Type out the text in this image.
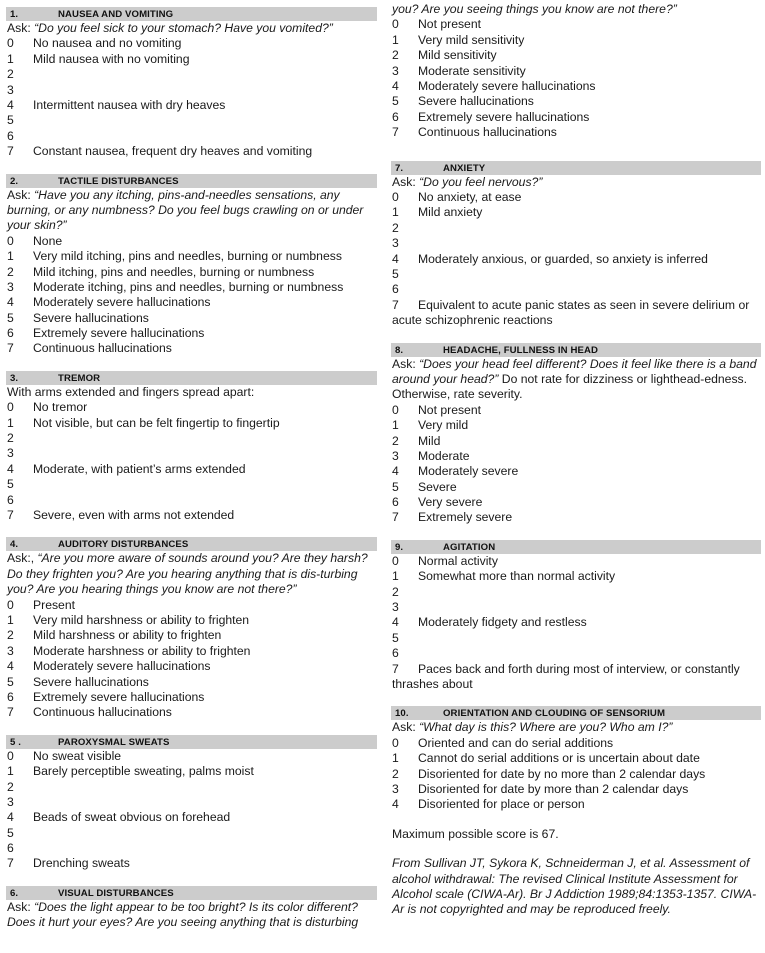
1.	NAUSEA AND VOMITING
Ask: “Do you feel sick to your stomach? Have you vomited?”
0	No nausea and no vomiting
1	Mild nausea with no vomiting
2
3
4	Intermittent nausea with dry heaves
5
6
7	Constant nausea, frequent dry heaves and vomiting
2.	TACTILE DISTURBANCES
Ask: “Have you any itching, pins-and-needles sensations, any burning, or any numbness? Do you feel bugs crawling on or under your skin?”
0	None
1	Very mild itching, pins and needles, burning or numbness
2	Mild itching, pins and needles, burning or numbness
3	Moderate itching, pins and needles, burning or numbness
4	Moderately severe hallucinations
5	Severe hallucinations
6	Extremely severe hallucinations
7	Continuous hallucinations
3.	TREMOR
With arms extended and fingers spread apart:
0	No tremor
1	Not visible, but can be felt fingertip to fingertip
2
3
4	Moderate, with patient’s arms extended
5
6
7	Severe, even with arms not extended
4.	AUDITORY DISTURBANCES
Ask:, “Are you more aware of sounds around you? Are they harsh? Do they frighten you? Are you hearing anything that is dis-turbing you? Are you hearing things you know are not there?”
0	Present
1	Very mild harshness or ability to frighten
2	Mild harshness or ability to frighten
3	Moderate harshness or ability to frighten
4	Moderately severe hallucinations
5	Severe hallucinations
6	Extremely severe hallucinations
7	Continuous hallucinations
5 .	PAROXYSMAL SWEATS
0	No sweat visible
1	Barely perceptible sweating, palms moist
2
3
4	Beads of sweat obvious on forehead
5
6
7	Drenching sweats
6.	VISUAL DISTURBANCES
Ask: “Does the light appear to be too bright? Is its color different? Does it hurt your eyes? Are you seeing anything that is disturbing
you? Are you seeing things you know are not there?”
0	Not present
1	Very mild sensitivity
2	Mild sensitivity
3	Moderate sensitivity
4	Moderately severe hallucinations
5	Severe hallucinations
6	Extremely severe hallucinations
7	Continuous hallucinations
7.	ANXIETY
Ask: “Do you feel nervous?”
0	No anxiety, at ease
1	Mild anxiety
2
3
4 Moderately anxious, or guarded, so anxiety is inferred
5
6
7 Equivalent to acute panic states as seen in severe delirium or acute schizophrenic reactions
8.	HEADACHE, FULLNESS IN HEAD
Ask: “Does your head feel different? Does it feel like there is a band around your head?” Do not rate for dizziness or lighthead-edness. Otherwise, rate severity.
0	Not present
1	Very mild
2	Mild
3	Moderate
4	Moderately severe
5	Severe
6	Very severe
7	Extremely severe
9.	AGITATION
0	Normal activity
1	Somewhat more than normal activity
2
3
4	Moderately fidgety and restless
5
6
7 Paces back and forth during most of interview, or constantly thrashes about
10.	ORIENTATION AND CLOUDING OF SENSORIUM
Ask: “What day is this? Where are you? Who am I?”
0	Oriented and can do serial additions
1	Cannot do serial additions or is uncertain about date
2	Disoriented for date by no more than 2 calendar days
3	Disoriented for date by more than 2 calendar days
4	Disoriented for place or person
Maximum possible score is 67.
From Sullivan JT, Sykora K, Schneiderman J, et al. Assessment of alcohol withdrawal: The revised Clinical Institute Assessment for Alcohol scale (CIWA-Ar). Br J Addiction 1989;84:1353-1357. CIWA-Ar is not copyrighted and may be reproduced freely.
